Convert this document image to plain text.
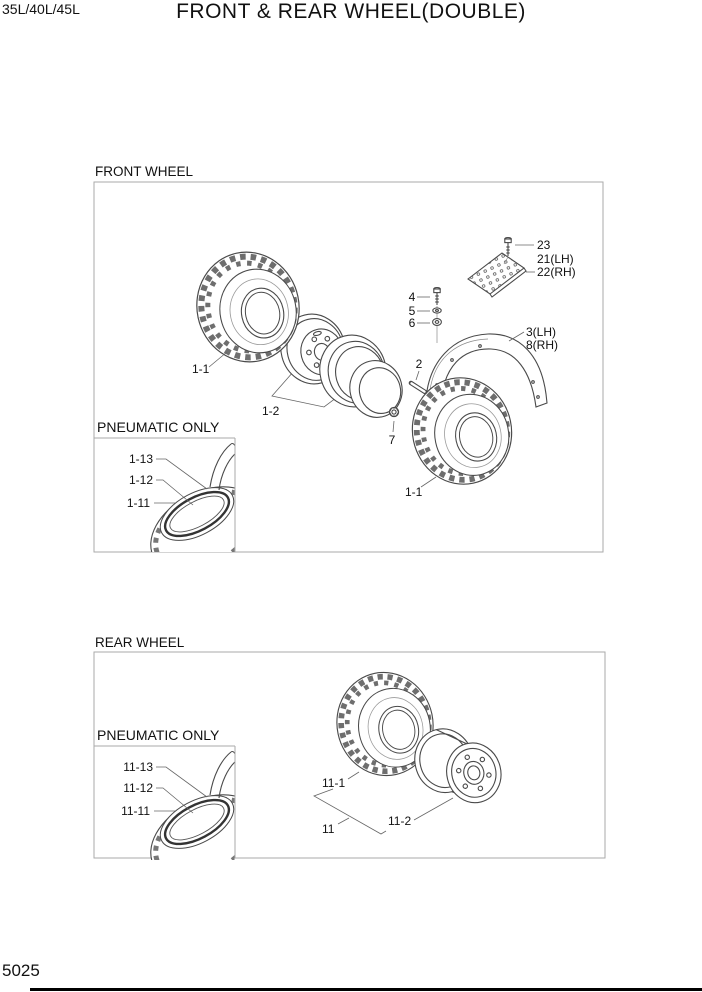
35L/40L/45L	FRONT & REAR WHEEL(DOUBLE)
5025
FRONT WHEEL
1-1
1-1
1-2
2
3(LH)
8(RH)
4
5
6
7
23
21(LH)
22(RH)
PNEUMATIC ONLY
1-13
1-12
1-11
REAR WHEEL
11-1
11-2
11
PNEUMATIC ONLY
11-13
11-12
11-11
